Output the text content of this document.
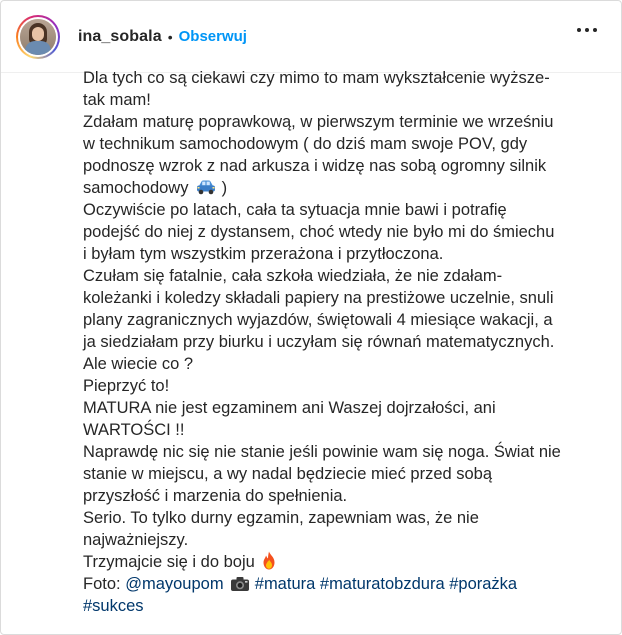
ina_sobala • Obserwuj
Dla tych co są ciekawi czy mimo to mam wykształcenie wyższe-
tak mam!
Zdałam maturę poprawkową, w pierwszym terminie we wrześniu
w technikum samochodowym ( do dziś mam swoje POV, gdy
podnoszę wzrok z nad arkusza i widzę nas sobą ogromny silnik
samochodowy )
Oczywiście po latach, cała ta sytuacja mnie bawi i potrafię
podejść do niej z dystansem, choć wtedy nie było mi do śmiechu
i byłam tym wszystkim przerażona i przytłoczona.
Czułam się fatalnie, cała szkoła wiedziała, że nie zdałam-
koleżanki i koledzy składali papiery na prestiżowe uczelnie, snuli
plany zagranicznych wyjazdów, świętowali 4 miesiące wakacji, a
ja siedziałam przy biurku i uczyłam się równań matematycznych.
Ale wiecie co ?
Pieprzyć to!
MATURA nie jest egzaminem ani Waszej dojrzałości, ani
WARTOŚCI !!
Naprawdę nic się nie stanie jeśli powinie wam się noga. Świat nie
stanie w miejscu, a wy nadal będziecie mieć przed sobą
przyszłość i marzenia do spełnienia.
Serio. To tylko durny egzamin, zapewniam was, że nie
najważniejszy.
Trzymajcie się i do boju
Foto: @mayoupom #matura #maturatobzdura #porażka
#sukces
